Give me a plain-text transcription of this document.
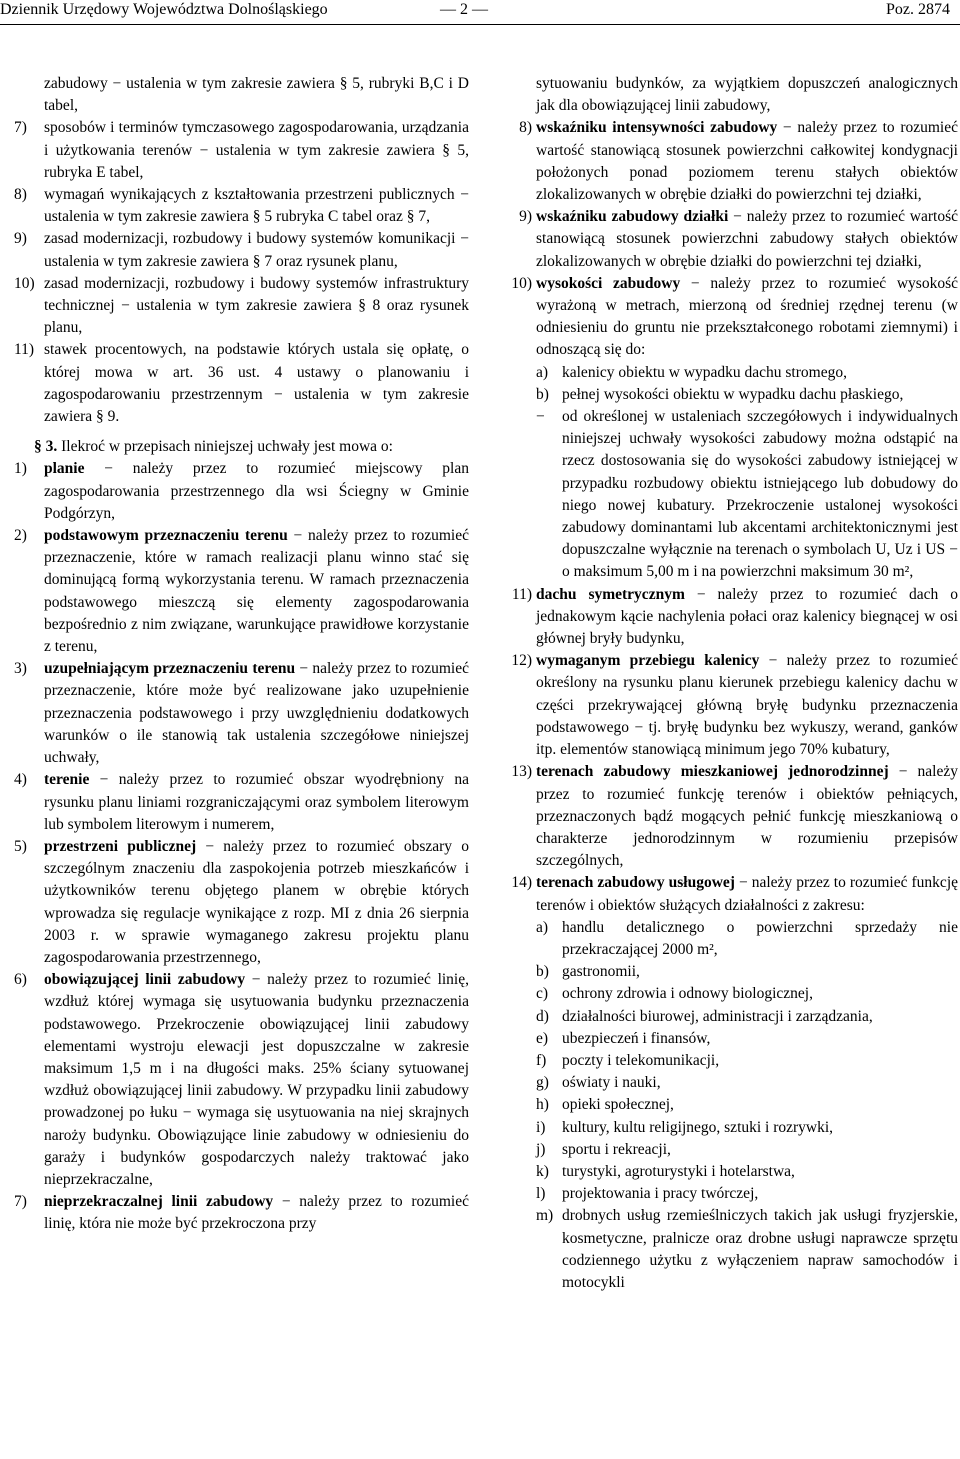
Dziennik Urzędowy Województwa Dolnośląskiego	— 2 —	Poz. 2874

zabudowy − ustalenia w tym zakresie zawiera § 5, rubryki B,C i D tabel,

7) sposobów i terminów tymczasowego zagospodarowania, urządzania i użytkowania terenów − ustalenia w tym zakresie zawiera § 5, rubryka E tabel,
8) wymagań wynikających z kształtowania przestrzeni publicznych − ustalenia w tym zakresie zawiera § 5 rubryka C tabel oraz § 7,
9) zasad modernizacji, rozbudowy i budowy systemów komunikacji − ustalenia w tym zakresie zawiera § 7 oraz rysunek planu,
10) zasad modernizacji, rozbudowy i budowy systemów infrastruktury technicznej − ustalenia w tym zakresie zawiera § 8 oraz rysunek planu,
11) stawek procentowych, na podstawie których ustala się opłatę, o której mowa w art. 36 ust. 4 ustawy o planowaniu i zagospodarowaniu przestrzennym − ustalenia w tym zakresie zawiera § 9.

§ 3. Ilekroć w przepisach niniejszej uchwały jest mowa o:

1) planie − należy przez to rozumieć miejscowy plan zagospodarowania przestrzennego dla wsi Ściegny w Gminie Podgórzyn,
2) podstawowym przeznaczeniu terenu − należy przez to rozumieć przeznaczenie, które w ramach realizacji planu winno stać się dominującą formą wykorzystania terenu. W ramach przeznaczenia podstawowego mieszczą się elementy zagospodarowania bezpośrednio z nim związane, warunkujące prawidłowe korzystanie z terenu,
3) uzupełniającym przeznaczeniu terenu − należy przez to rozumieć przeznaczenie, które może być realizowane jako uzupełnienie przeznaczenia podstawowego i przy uwzględnieniu dodatkowych warunków o ile stanowią tak ustalenia szczegółowe niniejszej uchwały,
4) terenie − należy przez to rozumieć obszar wyodrębniony na rysunku planu liniami rozgraniczającymi oraz symbolem literowym lub symbolem literowym i numerem,
5) przestrzeni publicznej − należy przez to rozumieć obszary o szczególnym znaczeniu dla zaspokojenia potrzeb mieszkańców i użytkowników terenu objętego planem w obrębie których wprowadza się regulacje wynikające z rozp. MI z dnia 26 sierpnia 2003 r. w sprawie wymaganego zakresu projektu planu zagospodarowania przestrzennego,
6) obowiązującej linii zabudowy − należy przez to rozumieć linię, wzdłuż której wymaga się usytuowania budynku przeznaczenia podstawowego. Przekroczenie obowiązującej linii zabudowy elementami wystroju elewacji jest dopuszczalne w zakresie maksimum 1,5 m i na długości maks. 25% ściany sytuowanej wzdłuż obowiązującej linii zabudowy. W przypadku linii zabudowy prowadzonej po łuku − wymaga się usytuowania na niej skrajnych naroży budynku. Obowiązujące linie zabudowy w odniesieniu do garaży i budynków gospodarczych należy traktować jako nieprzekraczalne,
7) nieprzekraczalnej linii zabudowy − należy przez to rozumieć linię, która nie może być przekroczona przy

sytuowaniu budynków, za wyjątkiem dopuszczeń analogicznych jak dla obowiązującej linii zabudowy,

8) wskaźniku intensywności zabudowy − należy przez to rozumieć wartość stanowiącą stosunek powierzchni całkowitej kondygnacji położonych ponad poziomem terenu stałych obiektów zlokalizowanych w obrębie działki do powierzchni tej działki,
9) wskaźniku zabudowy działki − należy przez to rozumieć wartość stanowiącą stosunek powierzchni zabudowy stałych obiektów zlokalizowanych w obrębie działki do powierzchni tej działki,
10) wysokości zabudowy − należy przez to rozumieć wysokość wyrażoną w metrach, mierzoną od średniej rzędnej terenu (w odniesieniu do gruntu nie przekształconego robotami ziemnymi) i odnoszącą się do:
a) kalenicy obiektu w wypadku dachu stromego,
b) pełnej wysokości obiektu w wypadku dachu płaskiego,
− od określonej w ustaleniach szczegółowych i indywidualnych niniejszej uchwały wysokości zabudowy można odstąpić na rzecz dostosowania się do wysokości zabudowy istniejącej w przypadku rozbudowy obiektu istniejącego lub dobudowy do niego nowej kubatury. Przekroczenie ustalonej wysokości zabudowy dominantami lub akcentami architektonicznymi jest dopuszczalne wyłącznie na terenach o symbolach U, Uz i US − o maksimum 5,00 m i na powierzchni maksimum 30 m²,
11) dachu symetrycznym − należy przez to rozumieć dach o jednakowym kącie nachylenia połaci oraz kalenicy biegnącej w osi głównej bryły budynku,
12) wymaganym przebiegu kalenicy − należy przez to rozumieć określony na rysunku planu kierunek przebiegu kalenicy dachu w części przekrywającej główną bryłę budynku przeznaczenia podstawowego − tj. bryłę budynku bez wykuszy, werand, ganków itp. elementów stanowiącą minimum jego 70% kubatury,
13) terenach zabudowy mieszkaniowej jednorodzinnej − należy przez to rozumieć funkcję terenów i obiektów pełniących, przeznaczonych bądź mogących pełnić funkcję mieszkaniową o charakterze jednorodzinnym w rozumieniu przepisów szczególnych,
14) terenach zabudowy usługowej − należy przez to rozumieć funkcję terenów i obiektów służących działalności z zakresu:
a) handlu detalicznego o powierzchni sprzedaży nie przekraczającej 2000 m²,
b) gastronomii,
c) ochrony zdrowia i odnowy biologicznej,
d) działalności biurowej, administracji i zarządzania,
e) ubezpieczeń i finansów,
f) poczty i telekomunikacji,
g) oświaty i nauki,
h) opieki społecznej,
i) kultury, kultu religijnego, sztuki i rozrywki,
j) sportu i rekreacji,
k) turystyki, agroturystyki i hotelarstwa,
l) projektowania i pracy twórczej,
m) drobnych usług rzemieślniczych takich jak usługi fryzjerskie, kosmetyczne, pralnicze oraz drobne usługi naprawcze sprzętu codziennego użytku z wyłączeniem napraw samochodów i motocykli
